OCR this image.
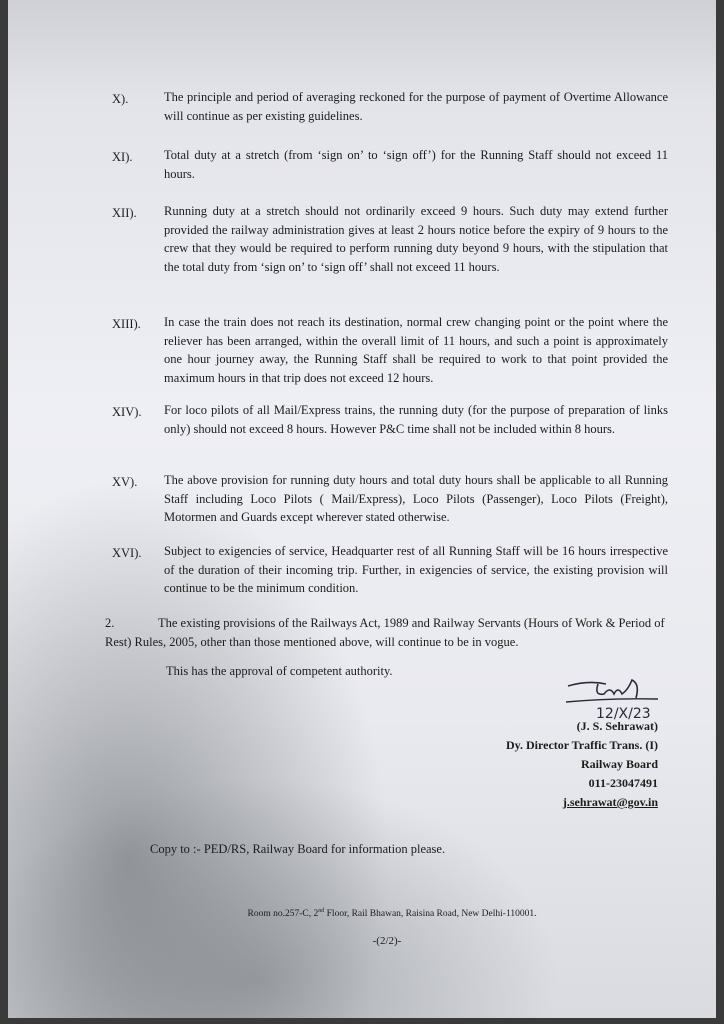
X).	The principle and period of averaging reckoned for the purpose of payment of Overtime Allowance will continue as per existing guidelines.
XI).	Total duty at a stretch (from ‘sign on’ to ‘sign off’) for the Running Staff should not exceed 11 hours.
XII). Running duty at a stretch should not ordinarily exceed 9 hours. Such duty may extend further provided the railway administration gives at least 2 hours notice before the expiry of 9 hours to the crew that they would be required to perform running duty beyond 9 hours, with the stipulation that the total duty from ‘sign on’ to ‘sign off’ shall not exceed 11 hours.
XIII). In case the train does not reach its destination, normal crew changing point or the point where the reliever has been arranged, within the overall limit of 11 hours, and such a point is approximately one hour journey away, the Running Staff shall be required to work to that point provided the maximum hours in that trip does not exceed 12 hours.
XIV). For loco pilots of all Mail/Express trains, the running duty (for the purpose of preparation of links only) should not exceed 8 hours. However P&C time shall not be included within 8 hours.
XV). The above provision for running duty hours and total duty hours shall be applicable to all Running Staff including Loco Pilots ( Mail/Express), Loco Pilots (Passenger), Loco Pilots (Freight), Motormen and Guards except wherever stated otherwise.
XVI). Subject to exigencies of service, Headquarter rest of all Running Staff will be 16 hours irrespective of the duration of their incoming trip. Further, in exigencies of service, the existing provision will continue to be the minimum condition.
2.	The existing provisions of the Railways Act, 1989 and Railway Servants (Hours of Work & Period of Rest) Rules, 2005, other than those mentioned above, will continue to be in vogue.
This has the approval of competent authority.
12/X/23
(J. S. Sehrawat)
Dy. Director Traffic Trans. (I)
Railway Board
011-23047491
j.sehrawat@gov.in
Copy to :- PED/RS, Railway Board for information please.
Room no.257-C, 2nd Floor, Rail Bhawan, Raisina Road, New Delhi-110001.
-(2/2)-
